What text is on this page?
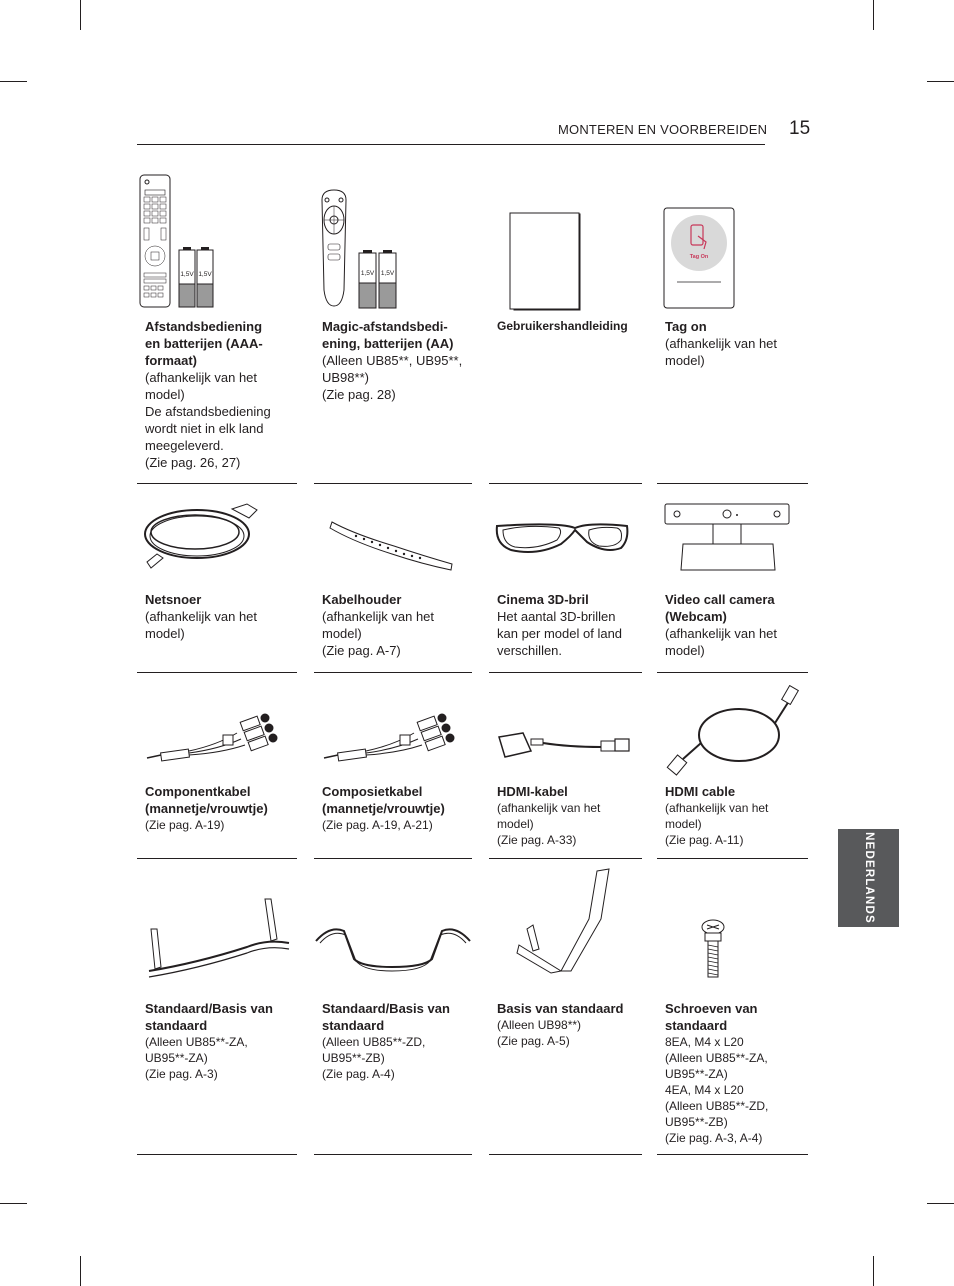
MONTEREN EN VOORBEREIDEN 15
NEDERLANDS
1,5V 1,5V
Afstandsbediening
en batterijen (AAA-
formaat)
(afhankelijk van het
model)
De afstandsbediening
wordt niet in elk land
meegeleverd.
(Zie pag. 26, 27)
1,5V 1,5V
Magic-afstandsbedi-
ening, batterijen (AA)
(Alleen UB85**, UB95**,
UB98**)
(Zie pag. 28)
Gebruikershandleiding
Tag On
Tag on
(afhankelijk van het
model)
Netsnoer
(afhankelijk van het
model)
Kabelhouder
(afhankelijk van het
model)
(Zie pag. A-7)
Cinema 3D-bril
Het aantal 3D-brillen
kan per model of land
verschillen.
Video call camera
(Webcam)
(afhankelijk van het
model)
Componentkabel
(mannetje/vrouwtje)
(Zie pag. A-19)
Composietkabel
(mannetje/vrouwtje)
(Zie pag. A-19, A-21)
HDMI-kabel
(afhankelijk van het
model)
(Zie pag. A-33)
HDMI cable
(afhankelijk van het
model)
(Zie pag. A-11)
Standaard/Basis van
standaard
(Alleen UB85**-ZA,
UB95**-ZA)
(Zie pag. A-3)
Standaard/Basis van
standaard
(Alleen UB85**-ZD,
UB95**-ZB)
(Zie pag. A-4)
Basis van standaard
(Alleen UB98**)
(Zie pag. A-5)
Schroeven van
standaard
8EA, M4 x L20
(Alleen UB85**-ZA,
UB95**-ZA)
4EA, M4 x L20
(Alleen UB85**-ZD,
UB95**-ZB)
(Zie pag. A-3, A-4)
